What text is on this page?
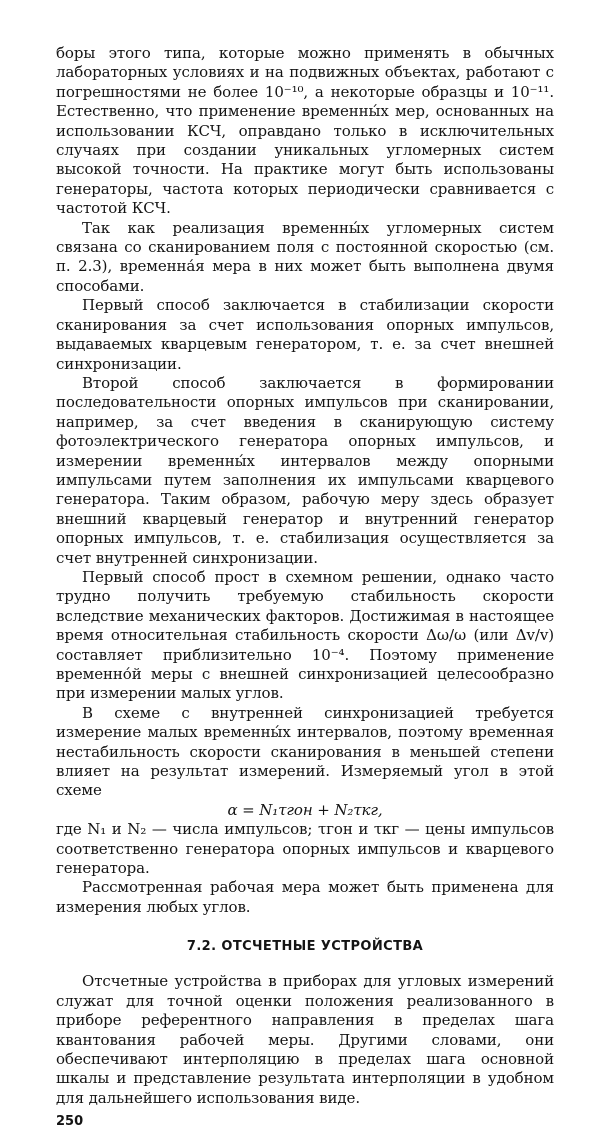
боры этого типа, которые можно применять в обычных лабораторных условиях и на подвижных объектах, работают с погрешностями не более 10⁻¹⁰, а некоторые образцы и 10⁻¹¹. Естественно, что применение временны́х мер, основанных на использовании КСЧ, оправдано только в исключительных случаях при создании уникальных угломерных систем высокой точности. На практике могут быть использованы генераторы, частота которых периодически сравнивается с частотой КСЧ.

Так как реализация временны́х угломерных систем связана со сканированием поля с постоянной скоростью (см. п. 2.3), временна́я мера в них может быть выполнена двумя способами.

Первый способ заключается в стабилизации скорости сканирования за счет использования опорных импульсов, выдаваемых кварцевым генератором, т. е. за счет внешней синхронизации.

Второй способ заключается в формировании последовательности опорных импульсов при сканировании, например, за счет введения в сканирующую систему фотоэлектрического генератора опорных импульсов, и измерении временны́х интервалов между опорными импульсами путем заполнения их импульсами кварцевого генератора. Таким образом, рабочую меру здесь образует внешний кварцевый генератор и внутренний генератор опорных импульсов, т. е. стабилизация осуществляется за счет внутренней синхронизации.

Первый способ прост в схемном решении, однако часто трудно получить требуемую стабильность скорости вследствие механических факторов. Достижимая в настоящее время относительная стабильность скорости Δω/ω (или Δv/v) составляет приблизительно 10⁻⁴. Поэтому применение временно́й меры с внешней синхронизацией целесообразно при измерении малых углов.

В схеме с внутренней синхронизацией требуется измерение малых временны́х интервалов, поэтому временная нестабильность скорости сканирования в меньшей степени влияет на результат измерений. Измеряемый угол в этой схеме

α = N₁τгон + N₂τкг,

где N₁ и N₂ — числа импульсов; τгон и τкг — цены импульсов соответственно генератора опорных импульсов и кварцевого генератора.

Рассмотренная рабочая мера может быть применена для измерения любых углов.

7.2. ОТСЧЕТНЫЕ УСТРОЙСТВА

Отсчетные устройства в приборах для угловых измерений служат для точной оценки положения реализованного в приборе референтного направления в пределах шага квантования рабочей меры. Другими словами, они обеспечивают интерполяцию в пределах шага основной шкалы и представление результата интерполяции в удобном для дальнейшего использования виде.

250
